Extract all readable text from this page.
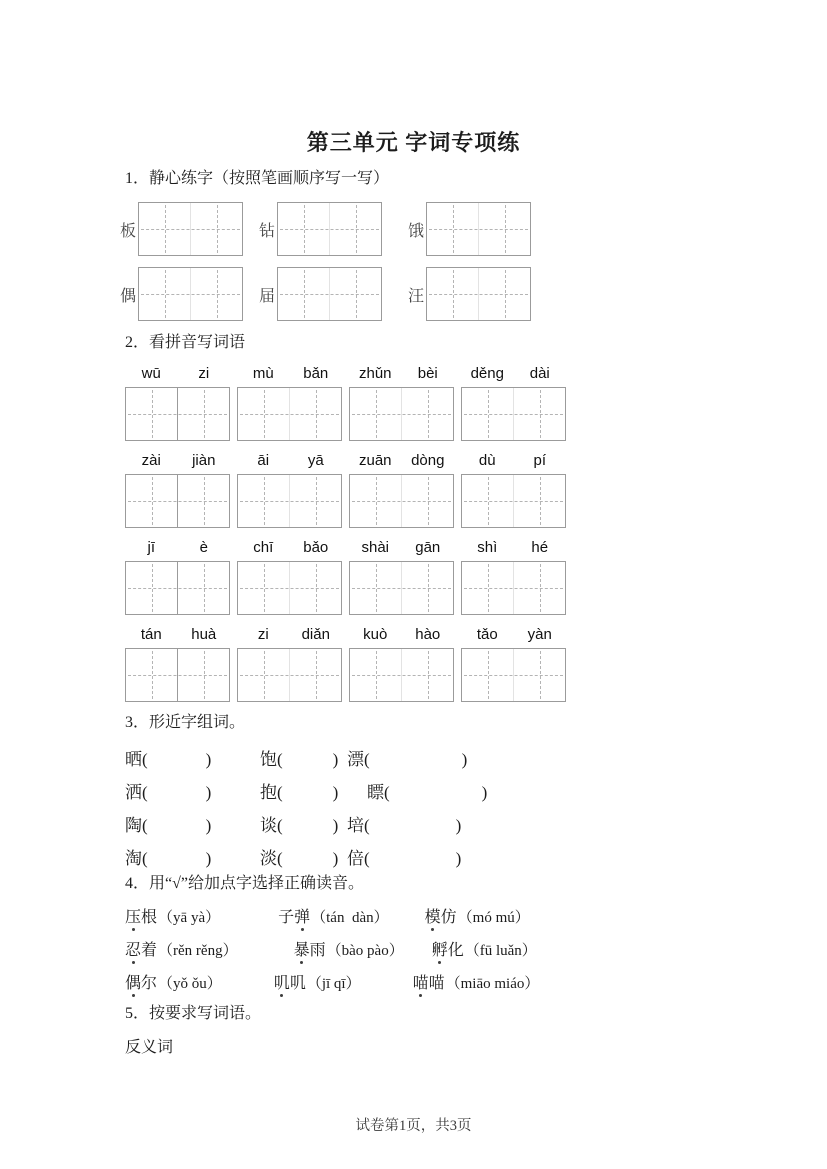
第三单元 字词专项练
1．静心练字（按照笔画顺序写一写）
板	钻	饿
偶	届	汪
2．看拼音写词语
wū	zi	mù	bǎn	zhǔn	bèi	děng	dài
zài	jiàn	āi	yā	zuān	dòng	dù	pí
jī	è	chī	bǎo	shài	gān	shì	hé
tán	huà	zi	diǎn	kuò	hào	tǎo	yàn
3．形近字组词。
晒(	)	饱(	) 漂(	)
洒(	)	抱(	)	瞟(	)
陶(	)	谈(	) 培(	)
淘(	)	淡(	) 倍(	)
4．用“√”给加点字选择正确读音。
压根（yā yà）	子弹（tán  dàn） 模仿（mó mú）
忍着（rěn rěng）	暴雨（bào pào） 孵化（fū luǎn）
偶尔（yǒ ǒu）	叽叽（jī qī）	喵喵（miāo miáo）
5．按要求写词语。
反义词
试卷第1页，共3页
